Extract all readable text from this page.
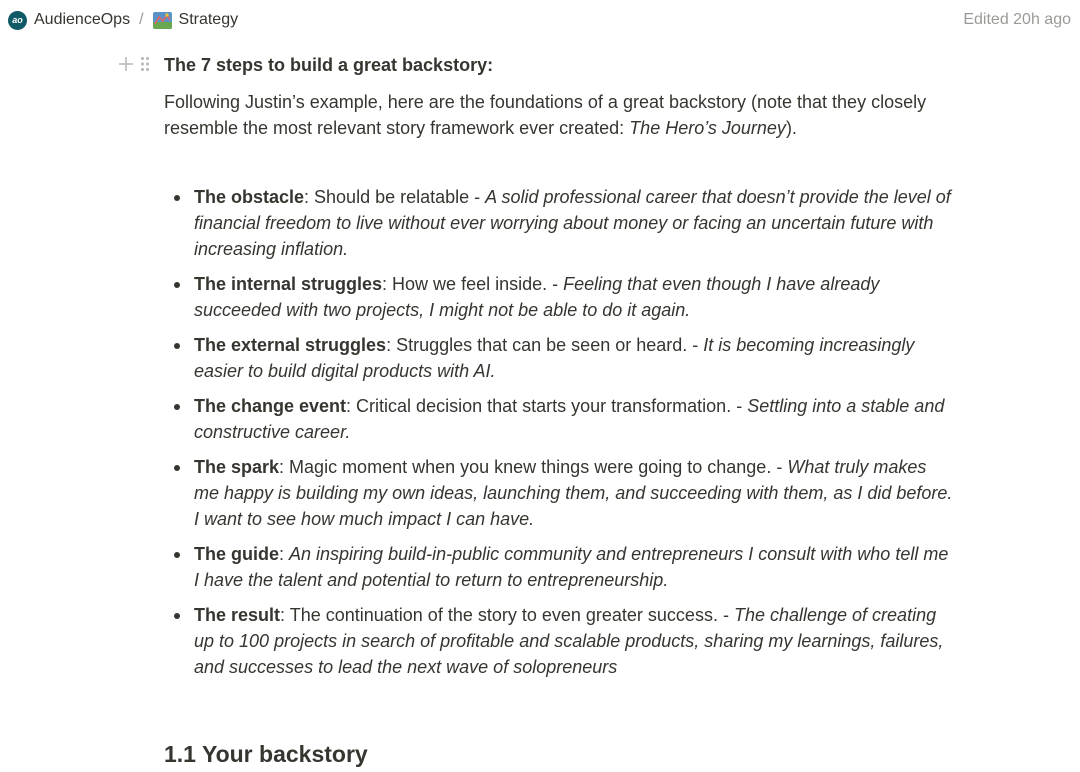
ao AudienceOps / Strategy	Edited 20h ago
The 7 steps to build a great backstory:
Following Justin’s example, here are the foundations of a great backstory (note that they closely resemble the most relevant story framework ever created: The Hero’s Journey).
The obstacle: Should be relatable - A solid professional career that doesn’t provide the level of financial freedom to live without ever worrying about money or facing an uncertain future with increasing inflation.
The internal struggles: How we feel inside. - Feeling that even though I have already succeeded with two projects, I might not be able to do it again.
The external struggles: Struggles that can be seen or heard. - It is becoming increasingly easier to build digital products with AI.
The change event: Critical decision that starts your transformation. - Settling into a stable and constructive career.
The spark: Magic moment when you knew things were going to change. - What truly makes me happy is building my own ideas, launching them, and succeeding with them, as I did before. I want to see how much impact I can have.
The guide: An inspiring build-in-public community and entrepreneurs I consult with who tell me I have the talent and potential to return to entrepreneurship.
The result: The continuation of the story to even greater success. - The challenge of creating up to 100 projects in search of profitable and scalable products, sharing my learnings, failures, and successes to lead the next wave of solopreneurs
1.1 Your backstory
